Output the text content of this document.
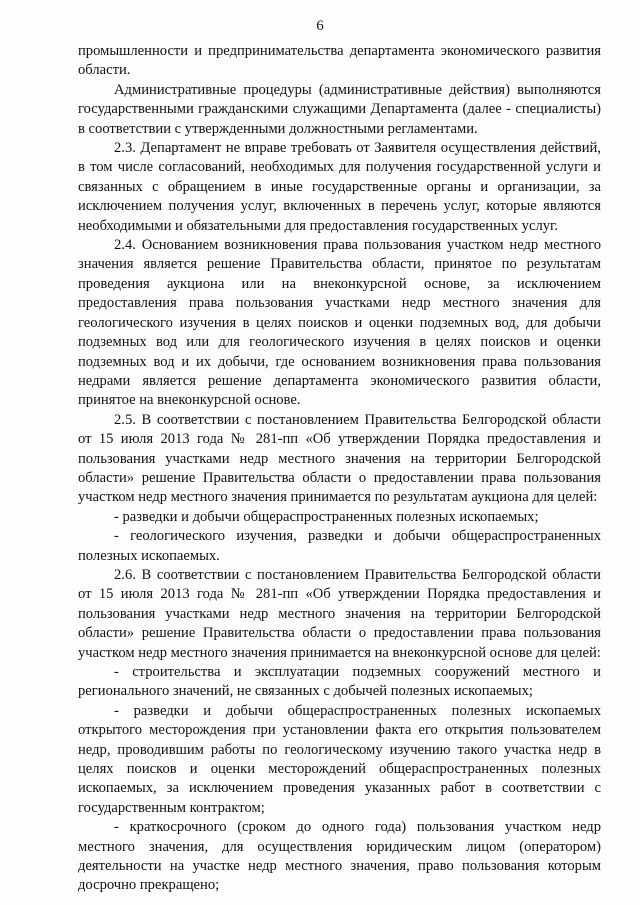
6

промышленности и предпринимательства департамента экономического развития области.

Административные процедуры (административные действия) выполняются государственными гражданскими служащими Департамента (далее - специалисты) в соответствии с утвержденными должностными регламентами.

2.3. Департамент не вправе требовать от Заявителя осуществления действий, в том числе согласований, необходимых для получения государственной услуги и связанных с обращением в иные государственные органы и организации, за исключением получения услуг, включенных в перечень услуг, которые являются необходимыми и обязательными для предоставления государственных услуг.

2.4. Основанием возникновения права пользования участком недр местного значения является решение Правительства области, принятое по результатам проведения аукциона или на внеконкурсной основе, за исключением предоставления права пользования участками недр местного значения для геологического изучения в целях поисков и оценки подземных вод, для добычи подземных вод или для геологического изучения в целях поисков и оценки подземных вод и их добычи, где основанием возникновения права пользования недрами является решение департамента экономического развития области, принятое на внеконкурсной основе.

2.5. В соответствии с постановлением Правительства Белгородской области от 15 июля 2013 года № 281-пп «Об утверждении Порядка предоставления и пользования участками недр местного значения на территории Белгородской области» решение Правительства области о предоставлении права пользования участком недр местного значения принимается по результатам аукциона для целей:

- разведки и добычи общераспространенных полезных ископаемых;

- геологического изучения, разведки и добычи общераспространенных полезных ископаемых.

2.6. В соответствии с постановлением Правительства Белгородской области от 15 июля 2013 года № 281-пп «Об утверждении Порядка предоставления и пользования участками недр местного значения на территории Белгородской области» решение Правительства области о предоставлении права пользования участком недр местного значения принимается на внеконкурсной основе для целей:

- строительства и эксплуатации подземных сооружений местного и регионального значений, не связанных с добычей полезных ископаемых;

- разведки и добычи общераспространенных полезных ископаемых открытого месторождения при установлении факта его открытия пользователем недр, проводившим работы по геологическому изучению такого участка недр в целях поисков и оценки месторождений общераспространенных полезных ископаемых, за исключением проведения указанных работ в соответствии с государственным контрактом;

- краткосрочного (сроком до одного года) пользования участком недр местного значения, для осуществления юридическим лицом (оператором) деятельности на участке недр местного значения, право пользования которым досрочно прекращено;
